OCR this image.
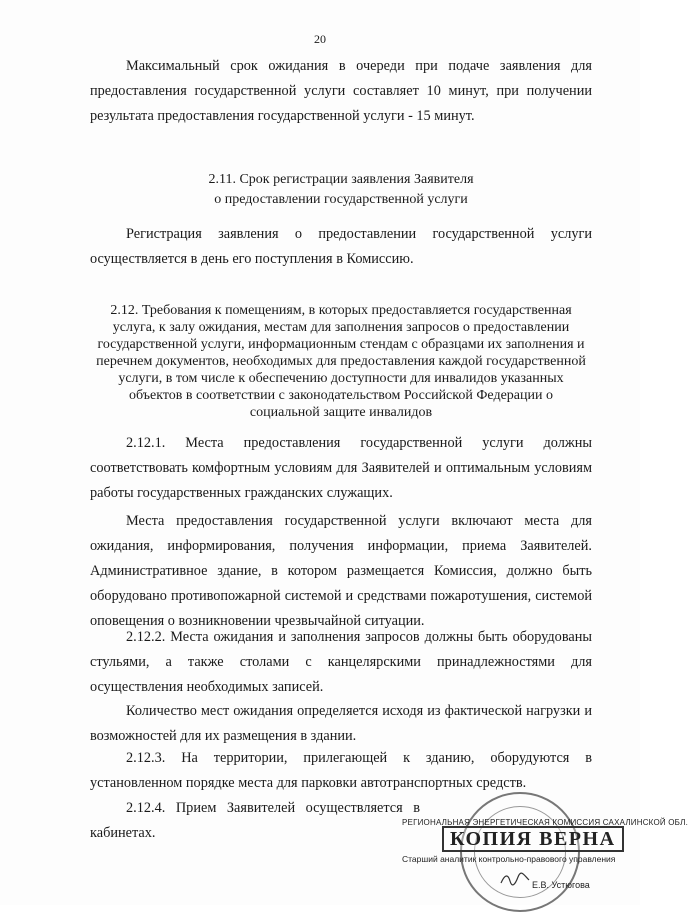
20

Максимальный срок ожидания в очереди при подаче заявления для предоставления государственной услуги составляет 10 минут, при получении результата предоставления государственной услуги - 15 минут.

2.11. Срок регистрации заявления Заявителя
о предоставлении государственной услуги

Регистрация заявления о предоставлении государственной услуги осуществляется в день его поступления в Комиссию.

2.12. Требования к помещениям, в которых предоставляется государственная услуга, к залу ожидания, местам для заполнения запросов о предоставлении государственной услуги, информационным стендам с образцами их заполнения и перечнем документов, необходимых для предоставления каждой государственной услуги, в том числе к обеспечению доступности для инвалидов указанных объектов в соответствии с законодательством Российской Федерации о социальной защите инвалидов

2.12.1. Места предоставления государственной услуги должны соответствовать комфортным условиям для Заявителей и оптимальным условиям работы государственных гражданских служащих.

Места предоставления государственной услуги включают места для ожидания, информирования, получения информации, приема Заявителей. Административное здание, в котором размещается Комиссия, должно быть оборудовано противопожарной системой и средствами пожаротушения, системой оповещения о возникновении чрезвычайной ситуации.

2.12.2. Места ожидания и заполнения запросов должны быть оборудованы стульями, а также столами с канцелярскими принадлежностями для осуществления необходимых записей.

Количество мест ожидания определяется исходя из фактической нагрузки и возможностей для их размещения в здании.

2.12.3. На территории, прилегающей к зданию, оборудуются в установленном порядке места для парковки автотранспортных средств.

2.12.4. Прием Заявителей осуществляется в кабинетах.

РЕГИОНАЛЬНАЯ ЭНЕРГЕТИЧЕСКАЯ КОМИССИЯ САХАЛИНСКОЙ ОБЛ.
КОПИЯ ВЕРНА
Старший аналитик контрольно-правового управления
Е.В. Устюгова
